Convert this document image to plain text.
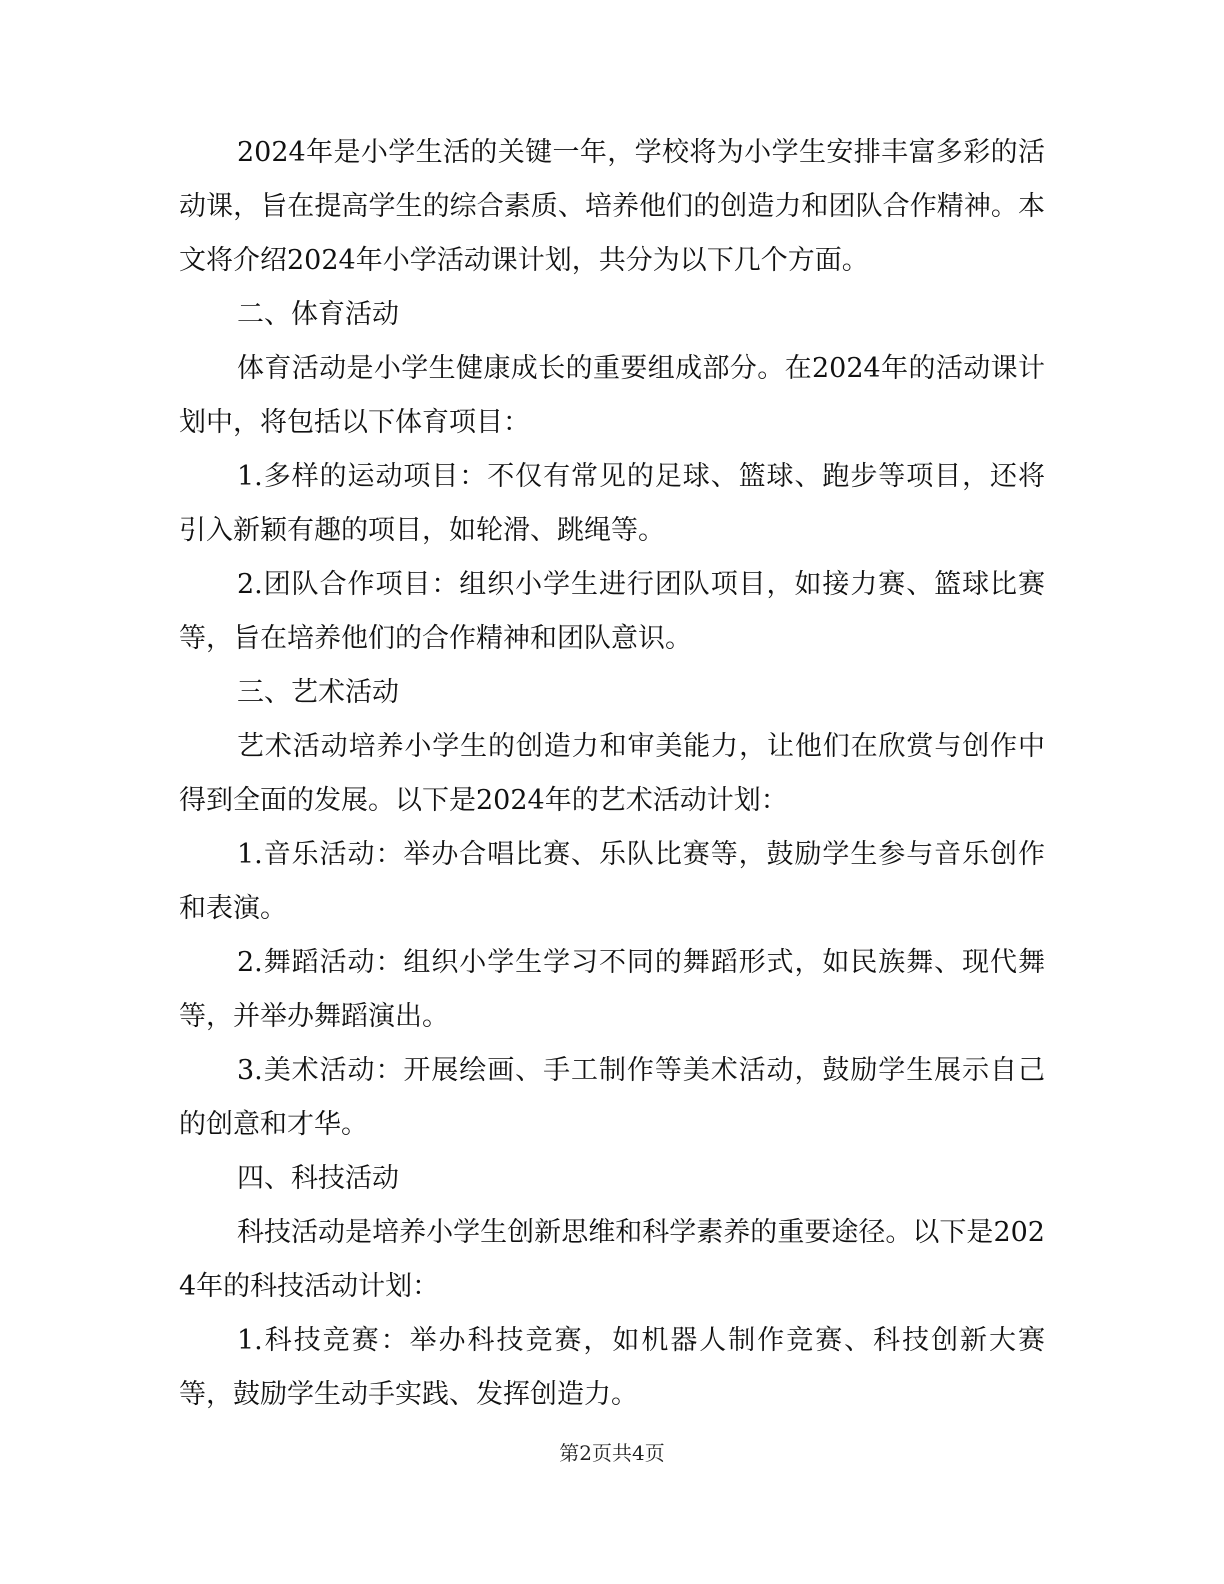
2024年是小学生活的关键一年，学校将为小学生安排丰富多彩的活动课，旨在提高学生的综合素质、培养他们的创造力和团队合作精神。本文将介绍2024年小学活动课计划，共分为以下几个方面。

二、体育活动

体育活动是小学生健康成长的重要组成部分。在2024年的活动课计划中，将包括以下体育项目：

1.多样的运动项目：不仅有常见的足球、篮球、跑步等项目，还将引入新颖有趣的项目，如轮滑、跳绳等。

2.团队合作项目：组织小学生进行团队项目，如接力赛、篮球比赛等，旨在培养他们的合作精神和团队意识。

三、艺术活动

艺术活动培养小学生的创造力和审美能力，让他们在欣赏与创作中得到全面的发展。以下是2024年的艺术活动计划：

1.音乐活动：举办合唱比赛、乐队比赛等，鼓励学生参与音乐创作和表演。

2.舞蹈活动：组织小学生学习不同的舞蹈形式，如民族舞、现代舞等，并举办舞蹈演出。

3.美术活动：开展绘画、手工制作等美术活动，鼓励学生展示自己的创意和才华。

四、科技活动

科技活动是培养小学生创新思维和科学素养的重要途径。以下是2024年的科技活动计划：

1.科技竞赛：举办科技竞赛，如机器人制作竞赛、科技创新大赛等，鼓励学生动手实践、发挥创造力。

第2页共4页
